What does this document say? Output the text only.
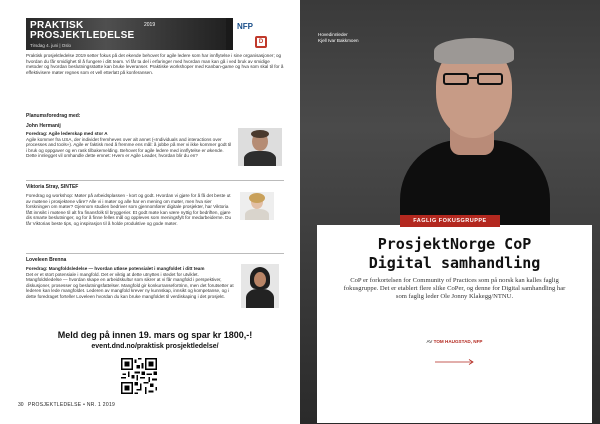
PRAKTISK
PROSJEKTLEDELSE
2019
Tirsdag 4. juni | Oslo
NFP
D
Praktisk prosjektledelse 2019 setter fokus på det ekende behovet for agile ledere som har innflytelse i sine organisasjoner; og hvordan du får smidighet til å fungere i ditt team. Vi får ta del i erfaringer med hvordan man kan gå i ved bruk av smidige metoder og hvordan beslutningsstøtte kan bruke leveranser. Praktiske workshoper med Kanban-game og hva som skal til for å effektivisere møter regnes som et vell etterlatt på konferansen.
Planumsforedrag med:
John Hermanij
Foredrag: Agile lederskap med stor A
Agile kommer fra USA, der individet fremheves over alt annet («Individuals and interactions over processes and tools»). Agile er faktisk med å fremme ens mål: å jobbe på mer vi ikke kommer godt til i bruk og oppgaver og en rask tilbakemelding. Behovet for agile ledere med innflytelse er økende. Dette innlegget vil omhandle dette emnet: Hvem er Agile Leader, hvordan blir du en?
Viktoria Stray, SINTEF
Foredrag og workshop: Møter på arbeidsplassen - kort og godt. Hvordan vi gjøre for å få det beste ut av møtene i prosjektene våre? Alle vi i møter og alle har en mening om møter, men hva sier forskningen om møter? Gjennom studien bedriver som gjennomfører digitale prosjekter, har Viktoria fått innsikt i møtene til alt fra finansfolk til bryggerier. Et godt møte kan være nyttig for bedriften, gjøre dis smarte beslutninger, og for å finne felles mål og oppleves som meningsfylt for medarbeiderne. Du får Viktorias beste tips, og inspirasjon til å holde produktive og gode møter.
Loveleen Brenna
Foredrag: Mangfoldsledelse — hvordan utløse potensialet i mangfoldet i ditt team
Det er et stort potensiale i mangfold. Det er viktig at dette utnyttes i stedet for utviklet. Mangfoldsledelse — hvordan skape en arbeidskultur som sikrer at vi får mangfold i perspektiver, diskusjoner, prosesser og beslutningsfattelser. Mangfold gir konkurransefortrinn, men det forutsetter at lederen kan lede mangfoldet. Lederen av mangfold krever ny kunnskap, innsikt og kompetanse, og i dette foredraget forteller Loveleen hvordan du kan bruke mangfoldet til verdiskaping i det prosjekt.
Meld deg på innen 19. mars og spar kr 1800,-!
event.dnd.no/praktisk prosjektledelse/
30 PROSJEKTLEDELSE • NR. 1 2019
Hovedinnleder
Kjell Ivar Bakkmoen
ProsjektNorge CoP
Digital samhandling
CoP er forkortelsen for Community of Practices som på norsk kan kalles faglig fokusgruppe. Det er etablert flere slike CoPer, og denne for Digital samhandling har som faglig leder Ole Jonny Klakegg/NTNU.
AV TOM HAUGSTAD, NFP
FAGLIG FOKUSGRUPPE
